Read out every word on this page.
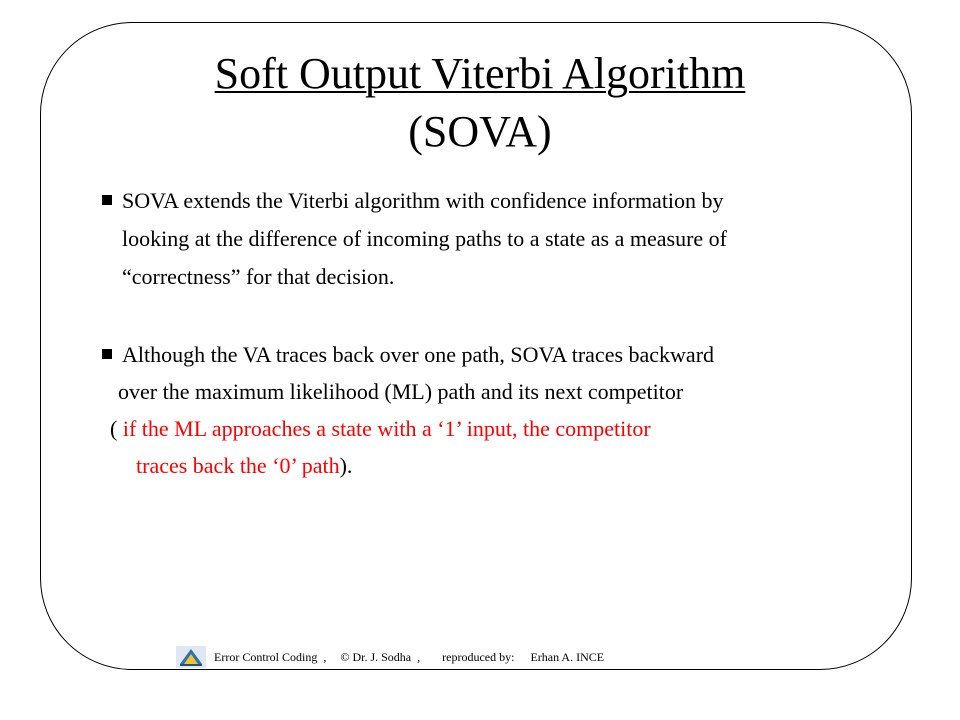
Soft Output Viterbi Algorithm
(SOVA)
SOVA extends the Viterbi algorithm with confidence information by
looking at the difference of incoming paths to a state as a measure of
“correctness” for that decision.
Although the VA traces back over one path, SOVA traces backward
over the maximum likelihood (ML) path and its next competitor
( if the ML approaches a state with a ‘1’ input, the competitor
traces back the ‘0’ path).
Error Control Coding , © Dr. J. Sodha , reproduced by: Erhan A. INCE
